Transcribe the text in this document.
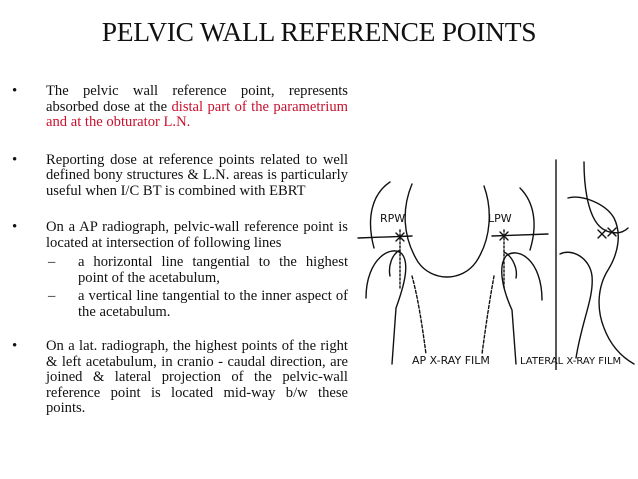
PELVIC WALL REFERENCE POINTS
• The pelvic wall reference point, represents absorbed dose at the distal part of the parametrium and at the obturator L.N.
• Reporting dose at reference points related to well defined bony structures & L.N. areas is particularly useful when I/C BT is combined with EBRT
• On a AP radiograph, pelvic-wall reference point is located at intersection of following lines
– a horizontal line tangential to the highest point of the acetabulum,
– a vertical line tangential to the inner aspect of the acetabulum.
• On a lat. radiograph, the highest points of the right & left acetabulum, in cranio - caudal direction, are joined & lateral projection of the pelvic-wall reference point is located mid-way b/w these points.
RPW	LPW
AP X-RAY FILM	LATERAL X-RAY FILM
